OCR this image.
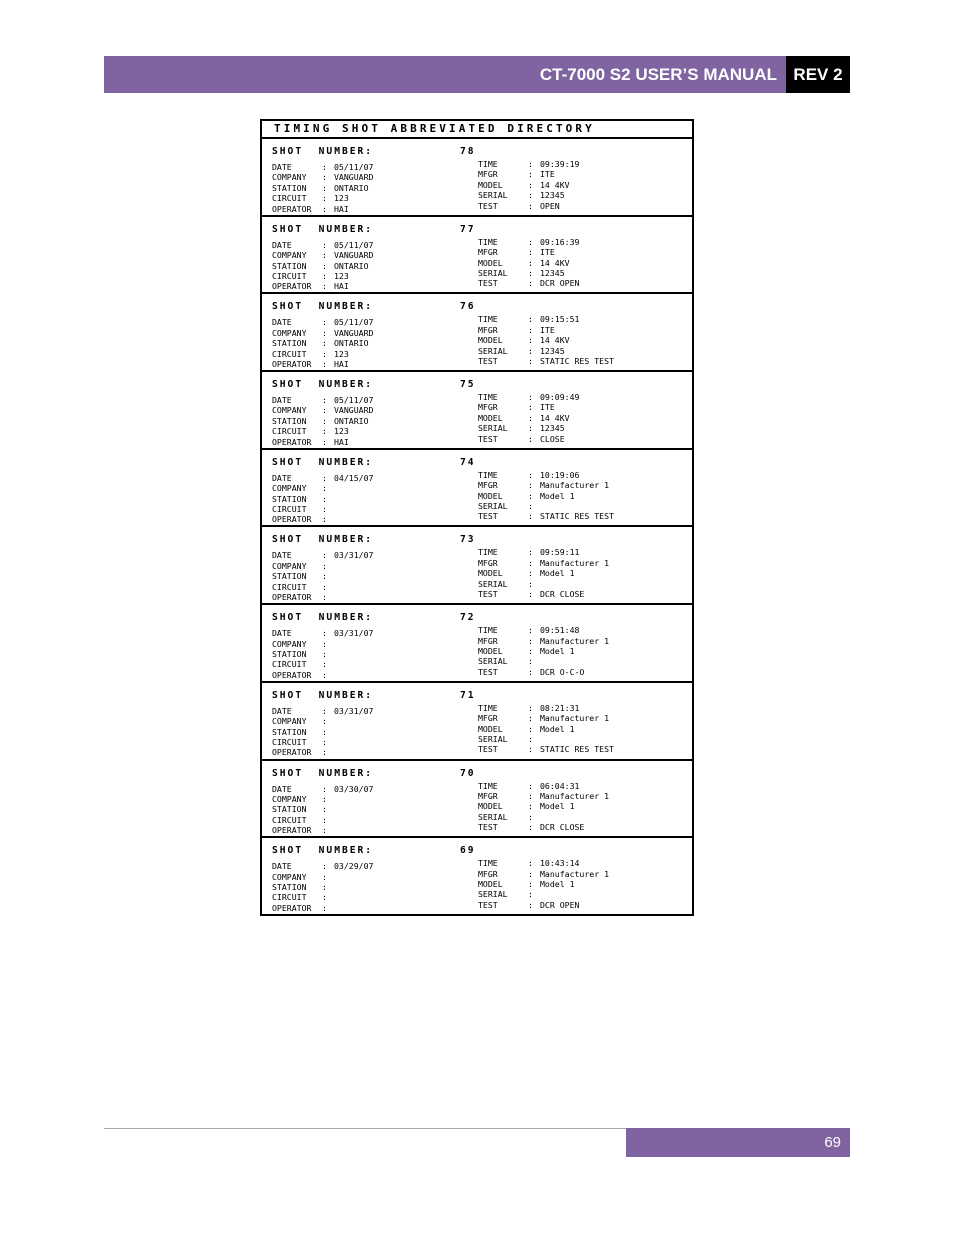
CT-7000 S2 USER’S MANUAL REV 2
TIMING SHOT ABBREVIATED DIRECTORY
SHOT  NUMBER:	78
DATE	: 05/11/07
COMPANY	: VANGUARD
STATION	: ONTARIO
CIRCUIT	: 123
OPERATOR	: HAI
TIME	: 09:39:19
MFGR	: ITE
MODEL	: 14 4KV
SERIAL	: 12345
TEST	: OPEN
SHOT  NUMBER:	77
DATE	: 05/11/07
COMPANY	: VANGUARD
STATION	: ONTARIO
CIRCUIT	: 123
OPERATOR	: HAI
TIME	: 09:16:39
MFGR	: ITE
MODEL	: 14 4KV
SERIAL	: 12345
TEST	: DCR OPEN
SHOT  NUMBER:	76
DATE	: 05/11/07
COMPANY	: VANGUARD
STATION	: ONTARIO
CIRCUIT	: 123
OPERATOR	: HAI
TIME	: 09:15:51
MFGR	: ITE
MODEL	: 14 4KV
SERIAL	: 12345
TEST	: STATIC RES TEST
SHOT  NUMBER:	75
DATE	: 05/11/07
COMPANY	: VANGUARD
STATION	: ONTARIO
CIRCUIT	: 123
OPERATOR	: HAI
TIME	: 09:09:49
MFGR	: ITE
MODEL	: 14 4KV
SERIAL	: 12345
TEST	: CLOSE
SHOT  NUMBER:	74
DATE	: 04/15/07
COMPANY	:
STATION	:
CIRCUIT	:
OPERATOR	:
TIME	: 10:19:06
MFGR	: Manufacturer 1
MODEL	: Model 1
SERIAL	:
TEST	: STATIC RES TEST
SHOT  NUMBER:	73
DATE	: 03/31/07
COMPANY	:
STATION	:
CIRCUIT	:
OPERATOR	:
TIME	: 09:59:11
MFGR	: Manufacturer 1
MODEL	: Model 1
SERIAL	:
TEST	: DCR CLOSE
SHOT  NUMBER:	72
DATE	: 03/31/07
COMPANY	:
STATION	:
CIRCUIT	:
OPERATOR	:
TIME	: 09:51:48
MFGR	: Manufacturer 1
MODEL	: Model 1
SERIAL	:
TEST	: DCR O-C-O
SHOT  NUMBER:	71
DATE	: 03/31/07
COMPANY	:
STATION	:
CIRCUIT	:
OPERATOR	:
TIME	: 08:21:31
MFGR	: Manufacturer 1
MODEL	: Model 1
SERIAL	:
TEST	: STATIC RES TEST
SHOT  NUMBER:	70
DATE	: 03/30/07
COMPANY	:
STATION	:
CIRCUIT	:
OPERATOR	:
TIME	: 06:04:31
MFGR	: Manufacturer 1
MODEL	: Model 1
SERIAL	:
TEST	: DCR CLOSE
SHOT  NUMBER:	69
DATE	: 03/29/07
COMPANY	:
STATION	:
CIRCUIT	:
OPERATOR	:
TIME	: 10:43:14
MFGR	: Manufacturer 1
MODEL	: Model 1
SERIAL	:
TEST	: DCR OPEN
69
